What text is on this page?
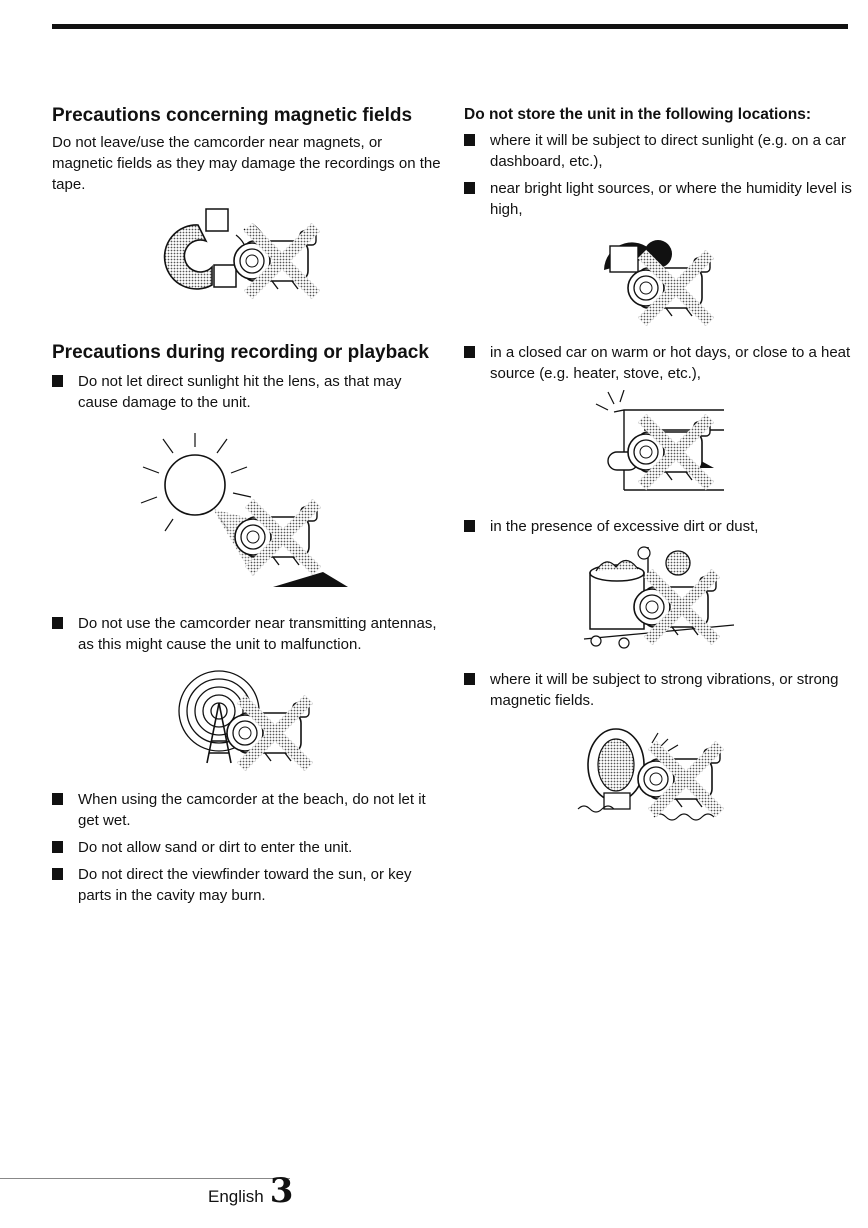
Precautions concerning magnetic fields

Do not leave/use the camcorder near magnets, or magnetic fields as they may damage the recordings on the tape.

Precautions during recording or playback
Do not let direct sunlight hit the lens, as that may cause damage to the unit.
Do not use the camcorder near transmitting antennas, as this might cause the unit to malfunction.
When using the camcorder at the beach, do not let it get wet.
Do not allow sand or dirt to enter the unit.
Do not direct the viewfinder toward the sun, or key parts in the cavity may burn.
Do not store the unit in the following locations:
where it will be subject to direct sunlight (e.g. on a car dashboard, etc.),
near bright light sources, or where the humidity level is high,
in a closed car on warm or hot days, or close to a heat source (e.g. heater, stove, etc.),
in the presence of excessive dirt or dust,
where it will be subject to strong vibrations, or strong magnetic fields.
English 3
